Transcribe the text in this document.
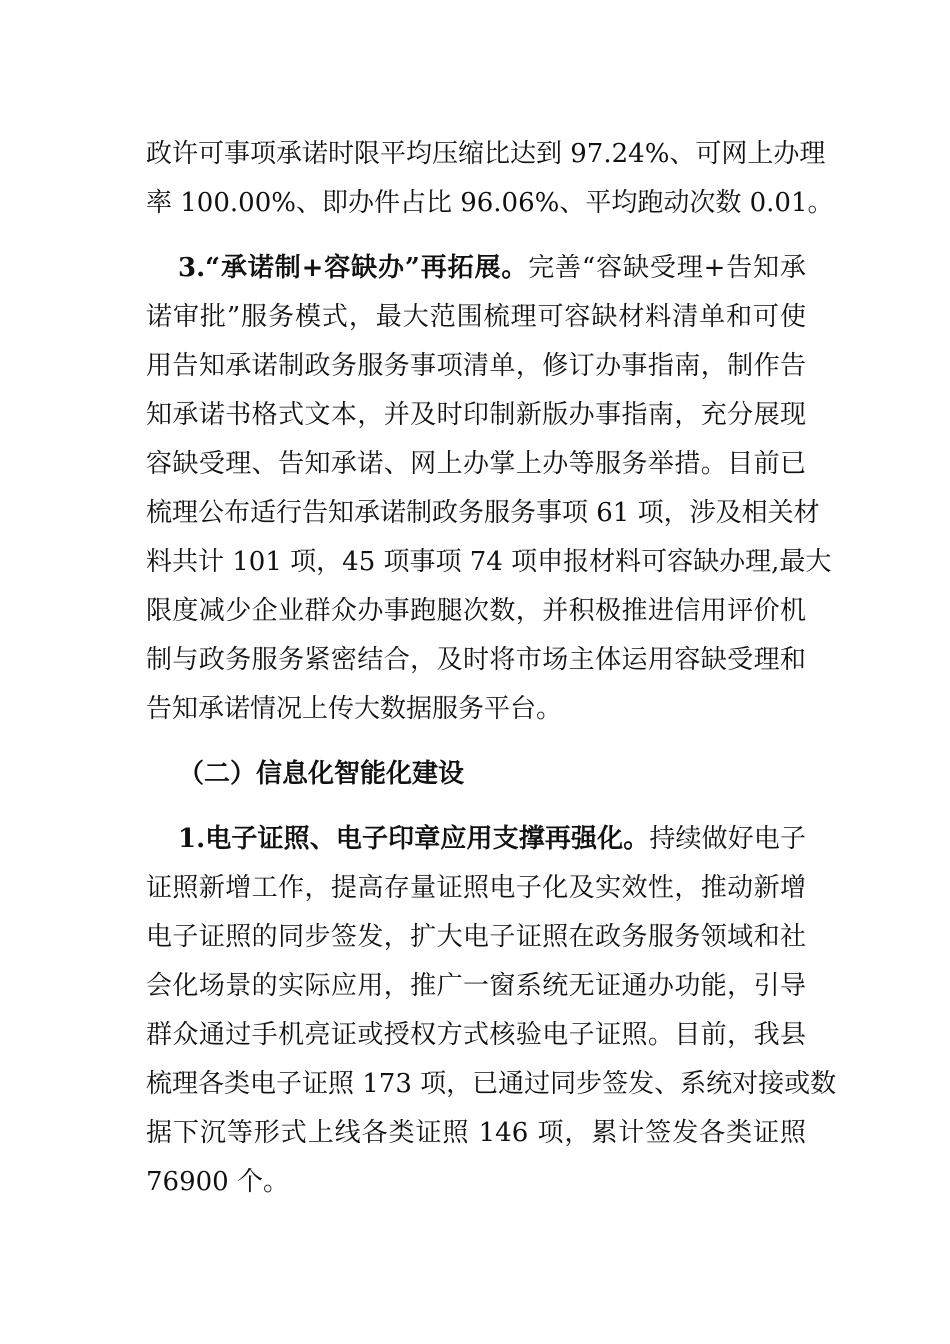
政许可事项承诺时限平均压缩比达到 97.24%、可网上办理
率 100.00%、即办件占比 96.06%、平均跑动次数 0.01。
3.“承诺制+容缺办”再拓展。完善“容缺受理+告知承
诺审批”服务模式，最大范围梳理可容缺材料清单和可使
用告知承诺制政务服务事项清单，修订办事指南，制作告
知承诺书格式文本，并及时印制新版办事指南，充分展现
容缺受理、告知承诺、网上办掌上办等服务举措。目前已
梳理公布适行告知承诺制政务服务事项 61 项，涉及相关材
料共计 101 项，45 项事项 74 项申报材料可容缺办理,最大
限度减少企业群众办事跑腿次数，并积极推进信用评价机
制与政务服务紧密结合，及时将市场主体运用容缺受理和
告知承诺情况上传大数据服务平台。
（二）信息化智能化建设
1.电子证照、电子印章应用支撑再强化。持续做好电子
证照新增工作，提高存量证照电子化及实效性，推动新增
电子证照的同步签发，扩大电子证照在政务服务领域和社
会化场景的实际应用，推广一窗系统无证通办功能，引导
群众通过手机亮证或授权方式核验电子证照。目前，我县
梳理各类电子证照 173 项，已通过同步签发、系统对接或数
据下沉等形式上线各类证照 146 项，累计签发各类证照
76900 个。
